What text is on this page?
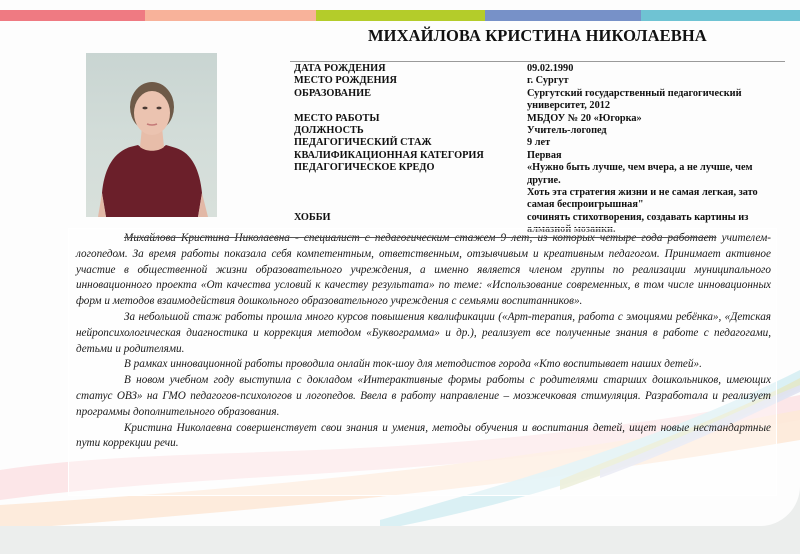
МИХАЙЛОВА КРИСТИНА НИКОЛАЕВНА
ДАТА РОЖДЕНИЯ	09.02.1990
МЕСТО РОЖДЕНИЯ	г. Сургут
ОБРАЗОВАНИЕ	Сургутский государственный педагогический университет, 2012
МЕСТО РАБОТЫ	МБДОУ № 20 «Югорка»
ДОЛЖНОСТЬ	Учитель-логопед
ПЕДАГОГИЧЕСКИЙ СТАЖ	9 лет
КВАЛИФИКАЦИОННАЯ КАТЕГОРИЯ	Первая
ПЕДАГОГИЧЕСКОЕ КРЕДО	«Нужно быть лучше, чем вчера, а не лучше, чем другие.
Хоть эта стратегия жизни и не самая легкая, зато самая беспроигрышная"
ХОББИ	сочинять стихотворения, создавать картины из алмазной мозаики.

Михайлова Кристина Николаевна - специалист с педагогическим стажем 9 лет, из которых четыре года работает учителем-логопедом. За время работы показала себя компетентным, ответственным, отзывчивым и креативным педагогом. Принимает активное участие в общественной жизни образовательного учреждения, а именно является членом группы по реализации муниципального инновационного проекта «От качества условий к качеству результата» по теме: «Использование современных, в том числе инновационных форм и методов взаимодействия дошкольного образовательного учреждения с семьями воспитанников».

За небольшой стаж работы прошла много курсов повышения квалификации («Арт-терапия, работа с эмоциями ребёнка», «Детская нейропсихологическая диагностика и коррекция методом «Буквограмма» и др.), реализует все полученные знания в работе с педагогами, детьми и родителями.

В рамках инновационной работы проводила онлайн ток-шоу для методистов города «Кто воспитывает наших детей».

В новом учебном году выступила с докладом «Интерактивные формы работы с родителями старших дошкольников, имеющих статус ОВЗ» на ГМО педагогов-психологов и логопедов. Ввела в работу направление – мозжечковая стимуляция. Разработала и реализует программы дополнительного образования.

Кристина Николаевна совершенствует свои знания и умения, методы обучения и воспитания детей, ищет новые нестандартные пути коррекции речи.
